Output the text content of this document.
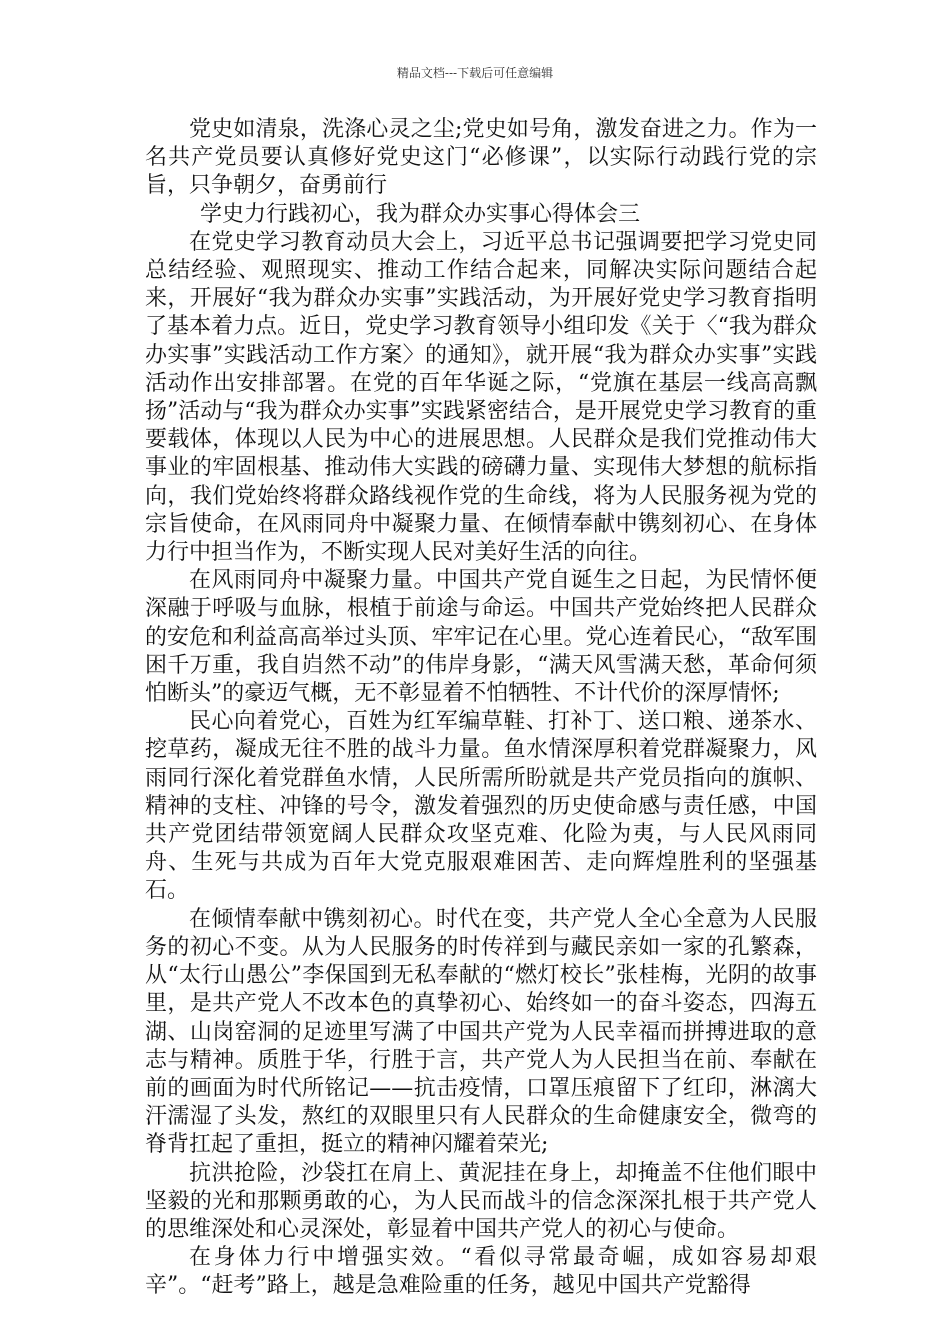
精品文档---下载后可任意编辑

党史如清泉，洗涤心灵之尘;党史如号角，激发奋进之力。作为一名共产党员要认真修好党史这门“必修课”，以实际行动践行党的宗旨，只争朝夕，奋勇前行

学史力行践初心，我为群众办实事心得体会三

在党史学习教育动员大会上，习近平总书记强调要把学习党史同总结经验、观照现实、推动工作结合起来，同解决实际问题结合起来，开展好“我为群众办实事”实践活动，为开展好党史学习教育指明了基本着力点。近日，党史学习教育领导小组印发《关于〈“我为群众办实事”实践活动工作方案〉的通知》，就开展“我为群众办实事”实践活动作出安排部署。在党的百年华诞之际，“党旗在基层一线高高飘扬”活动与“我为群众办实事”实践紧密结合，是开展党史学习教育的重要载体，体现以人民为中心的进展思想。人民群众是我们党推动伟大事业的牢固根基、推动伟大实践的磅礴力量、实现伟大梦想的航标指向，我们党始终将群众路线视作党的生命线，将为人民服务视为党的宗旨使命，在风雨同舟中凝聚力量、在倾情奉献中镌刻初心、在身体力行中担当作为，不断实现人民对美好生活的向往。

在风雨同舟中凝聚力量。中国共产党自诞生之日起，为民情怀便深融于呼吸与血脉，根植于前途与命运。中国共产党始终把人民群众的安危和利益高高举过头顶、牢牢记在心里。党心连着民心，“敌军围困千万重，我自岿然不动”的伟岸身影，“满天风雪满天愁，革命何须怕断头”的豪迈气概，无不彰显着不怕牺牲、不计代价的深厚情怀;

民心向着党心，百姓为红军编草鞋、打补丁、送口粮、递茶水、挖草药，凝成无往不胜的战斗力量。鱼水情深厚积着党群凝聚力，风雨同行深化着党群鱼水情，人民所需所盼就是共产党员指向的旗帜、精神的支柱、冲锋的号令，激发着强烈的历史使命感与责任感，中国共产党团结带领宽阔人民群众攻坚克难、化险为夷，与人民风雨同舟、生死与共成为百年大党克服艰难困苦、走向辉煌胜利的坚强基石。

在倾情奉献中镌刻初心。时代在变，共产党人全心全意为人民服务的初心不变。从为人民服务的时传祥到与藏民亲如一家的孔繁森，从“太行山愚公”李保国到无私奉献的“燃灯校长”张桂梅，光阴的故事里，是共产党人不改本色的真挚初心、始终如一的奋斗姿态，四海五湖、山岗窑洞的足迹里写满了中国共产党为人民幸福而拼搏进取的意志与精神。质胜于华，行胜于言，共产党人为人民担当在前、奉献在前的画面为时代所铭记——抗击疫情，口罩压痕留下了红印，淋漓大汗濡湿了头发，熬红的双眼里只有人民群众的生命健康安全，微弯的脊背扛起了重担，挺立的精神闪耀着荣光;

抗洪抢险，沙袋扛在肩上、黄泥挂在身上，却掩盖不住他们眼中坚毅的光和那颗勇敢的心，为人民而战斗的信念深深扎根于共产党人的思维深处和心灵深处，彰显着中国共产党人的初心与使命。

在身体力行中增强实效。“看似寻常最奇崛，成如容易却艰辛”。“赶考”路上，越是急难险重的任务，越见中国共产党豁得
